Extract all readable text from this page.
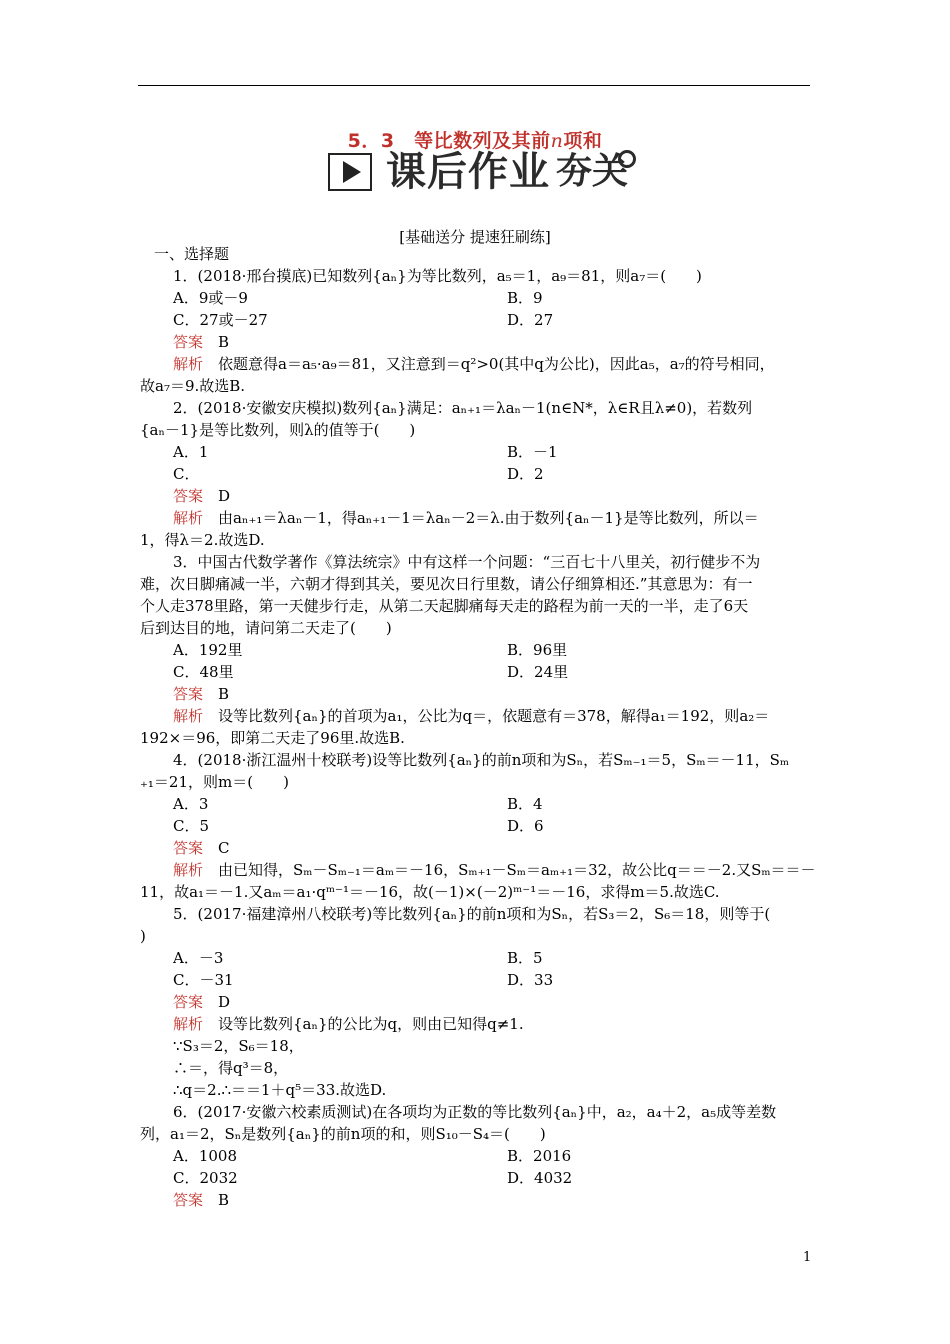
5．3　等比数列及其前n项和
课后作业 夯关
[基础送分 提速狂刷练]
一、选择题
1．(2018·邢台摸底)已知数列{aₙ}为等比数列，a₅＝1，a₉＝81，则a₇＝(　　)
A．9或－9	B．9
C．27或－27	D．27
答案　B
解析　依题意得a＝a₅·a₉＝81，又注意到＝q²>0(其中q为公比)，因此a₅，a₇的符号相同，
故a₇＝9.故选B.
2．(2018·安徽安庆模拟)数列{aₙ}满足：aₙ₊₁＝λaₙ－1(n∈N*，λ∈R且λ≠0)，若数列
{aₙ－1}是等比数列，则λ的值等于(　　)
A．1	B．－1
C．	D．2
答案　D
解析　由aₙ₊₁＝λaₙ－1，得aₙ₊₁－1＝λaₙ－2＝λ.由于数列{aₙ－1}是等比数列，所以＝
1，得λ＝2.故选D.
3．中国古代数学著作《算法统宗》中有这样一个问题：“三百七十八里关，初行健步不为
难，次日脚痛减一半，六朝才得到其关，要见次日行里数，请公仔细算相还.”其意思为：有一
个人走378里路，第一天健步行走，从第二天起脚痛每天走的路程为前一天的一半，走了6天
后到达目的地，请问第二天走了(　　)
A．192里	B．96里
C．48里	D．24里
答案　B
解析　设等比数列{aₙ}的首项为a₁，公比为q＝，依题意有＝378，解得a₁＝192，则a₂＝
192×＝96，即第二天走了96里.故选B.
4．(2018·浙江温州十校联考)设等比数列{aₙ}的前n项和为Sₙ，若Sₘ₋₁＝5，Sₘ＝－11，Sₘ
₊₁＝21，则m＝(　　)
A．3	B．4
C．5	D．6
答案　C
解析　由已知得，Sₘ－Sₘ₋₁＝aₘ＝－16，Sₘ₊₁－Sₘ＝aₘ₊₁＝32，故公比q＝＝－2.又Sₘ＝＝－
11，故a₁＝－1.又aₘ＝a₁·qᵐ⁻¹＝－16，故(－1)×(－2)ᵐ⁻¹＝－16，求得m＝5.故选C.
5．(2017·福建漳州八校联考)等比数列{aₙ}的前n项和为Sₙ，若S₃＝2，S₆＝18，则等于(
)
A．－3	B．5
C．－31	D．33
答案　D
解析　设等比数列{aₙ}的公比为q，则由已知得q≠1.
∵S₃＝2，S₆＝18，
∴＝，得q³＝8，
∴q＝2.∴＝＝1＋q⁵＝33.故选D.
6．(2017·安徽六校素质测试)在各项均为正数的等比数列{aₙ}中，a₂，a₄＋2，a₅成等差数
列，a₁＝2，Sₙ是数列{aₙ}的前n项的和，则S₁₀－S₄＝(　　)
A．1008	B．2016
C．2032	D．4032
答案　B
1
